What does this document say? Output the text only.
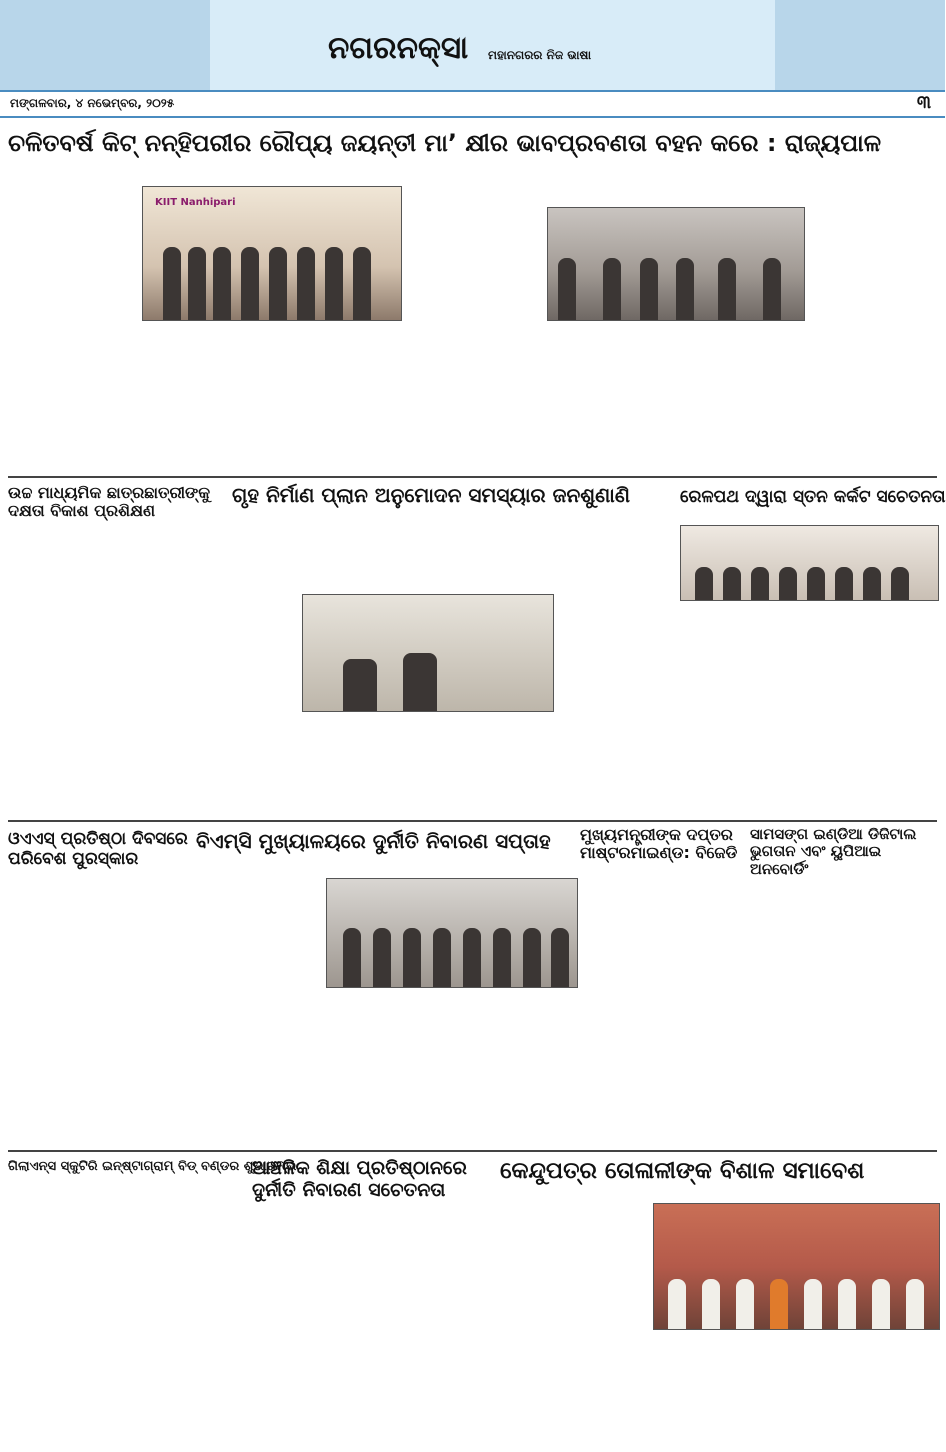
ନଗରନକ୍ସା	ମହାନଗରର ନିଜ ଭାଷା
ମଙ୍ଗଳବାର, ୪ ନଭେମ୍ବର, ୨୦୨୫	୩
ଚଳିତବର୍ଷ କିଟ୍ ନନ୍ହିପରୀର ରୌପ୍ୟ ଜୟନ୍ତୀ ମା’ କ୍ଷୀର ଭାବପ୍ରବଣତା ବହନ କରେ : ରାଜ୍ୟପାଳ
KIIT Nanhipari
ଉଚ୍ଚ ମାଧ୍ୟମିକ ଛାତ୍ରଛାତ୍ରୀଙ୍କୁ ଦକ୍ଷତା ବିକାଶ ପ୍ରଶିକ୍ଷଣ
ଗୃହ ନିର୍ମାଣ ପ୍ଲାନ ଅନୁମୋଦନ ସମସ୍ୟାର ଜନଶୁଣାଣି	ରେଳପଥ ଦ୍ୱାରା ସ୍ତନ କର୍କଟ ସଚେତନତା
ଓଏଏସ୍ ପ୍ରତିଷ୍ଠା ଦିବସରେ ପରିବେଶ ପୁରସ୍କାର
ବିଏମ୍‌ସି ମୁଖ୍ୟାଳୟରେ ଦୁର୍ନୀତି ନିବାରଣ ସପ୍ତାହ	ମୁଖ୍ୟମନ୍ତ୍ରୀଙ୍କ ଦପ୍ତର ମାଷ୍ଟରମାଇଣ୍ଡ: ବିଜେଡି
ସାମସଙ୍ଗ ଇଣ୍ଡିଆ ଡିଜିଟାଲ ଭୁଗତାନ ଏବଂ ୟୁପିଆଇ ଅନବୋର୍ଡିଂ
ଗିଲାଏନ୍ସ ସ୍କୁଟିରି ଇନ୍ଷ୍ଟାଗ୍ରାମ୍ ବିଡ୍ ବଣ୍ଡର ଶୁଭାରମ୍ଭ
ଆଞ୍ଚଳିକ ଶିକ୍ଷା ପ୍ରତିଷ୍ଠାନରେ ଦୁର୍ନୀତି ନିବାରଣ ସଚେତନତା
କେନ୍ଦୁପତ୍ର ତୋଳାଳୀଙ୍କ ବିଶାଳ ସମାବେଶ
